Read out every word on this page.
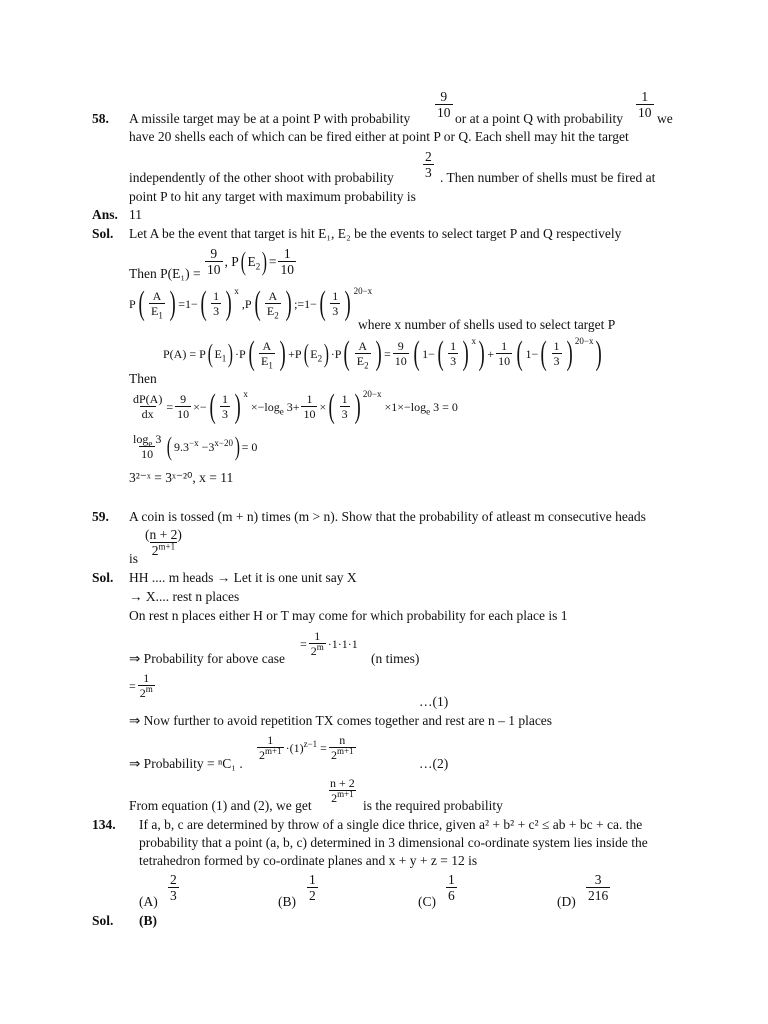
$\frac{9}{10}$	$\frac{1}{10}$
58. A missile target may be at a point P with probability	or at a point Q with probability	we
have 20 shells each of which can be fired either at point P or Q. Each shell may hit the target
$\frac{2}{3}$
independently of the other shoot with probability	. Then number of shells must be fired at
point P to hit any target with maximum probability is
Ans. 11
Sol. Let A be the event that target is hit E₁, E₂ be the events to select target P and Q respectively
Then $P(E_1) = \frac{9}{10}$ , P ( $E_2$ ) = $\frac{1}{10}$
P ( $\frac{A}{E_1}$ ) =1− ( $\frac{1}{3}$ ) x
,P ( $\frac{A}{E_2}$ ) ;=1− ( $\frac{1}{3}$ ) 20−x
where x number of shells used to select target P
P(A) = P ( $E_1$ ) ·P ( $\frac{A}{E_1}$ ) +P ( $E_2$ ) ·P ( $\frac{A}{E_2}$ ) = $\frac{9}{10}$ ( 1− ( $\frac{1}{3}$ ) x ) + $\frac{1}{10}$ ( 1− ( $\frac{1}{3}$ ) 20−x )
Then
$\frac{dP(A)}{dx} = \frac{9}{10}$ ×− ( $\frac{1}{3}$ ) x
$\times-\log_e$ $3+ \frac{1}{10}$ × ( $\frac{1}{3}$ ) 20−x
$\times 1\times-\log_e$ 3 = 0
$\frac{\log_e 3}{10}$ ( $9.3^{-x} -3^{x-20}$ ) = 0
3²⁻ˣ = 3ˣ⁻²⁰, x = 11
59. A coin is tossed (m + n) times (m > n). Show that the probability of atleast m consecutive heads
$\frac{(n + 2)}{2^{m+1}}$
is
Sol. HH .... m heads → Let it is one unit say X
→ X.... rest n places
On rest n places either H or T may come for which probability for each place is 1
= $\frac{1}{2^m} \cdot 1\cdot 1\cdot 1$
⇒ Probability for above case	(n times)
= $\frac{1}{2^m}$
…(1)
⇒ Now further to avoid repetition TX comes together and rest are n – 1 places
⇒ Probability = ⁿC₁ .
$\frac{1}{2^{m+1}} \cdot(1)^{z-1} = \frac{n}{2^{m+1}}$
…(2)
$\frac{n + 2}{2^{m+1}}$
From equation (1) and (2), we get	is the required probability
134. If a, b, c are determined by throw of a single dice thrice, given a² + b² + c² ≤ ab + bc + ca. the
probability that a point (a, b, c) determined in 3 dimensional co-ordinate system lies inside the
tetrahedron formed by co-ordinate planes and x + y + z = 12 is
$(A) \frac{2}{3}$	$(B) \frac{1}{2}$	$(C) \frac{1}{6}$	$(D) \frac{3}{216}$
Sol. (B)
